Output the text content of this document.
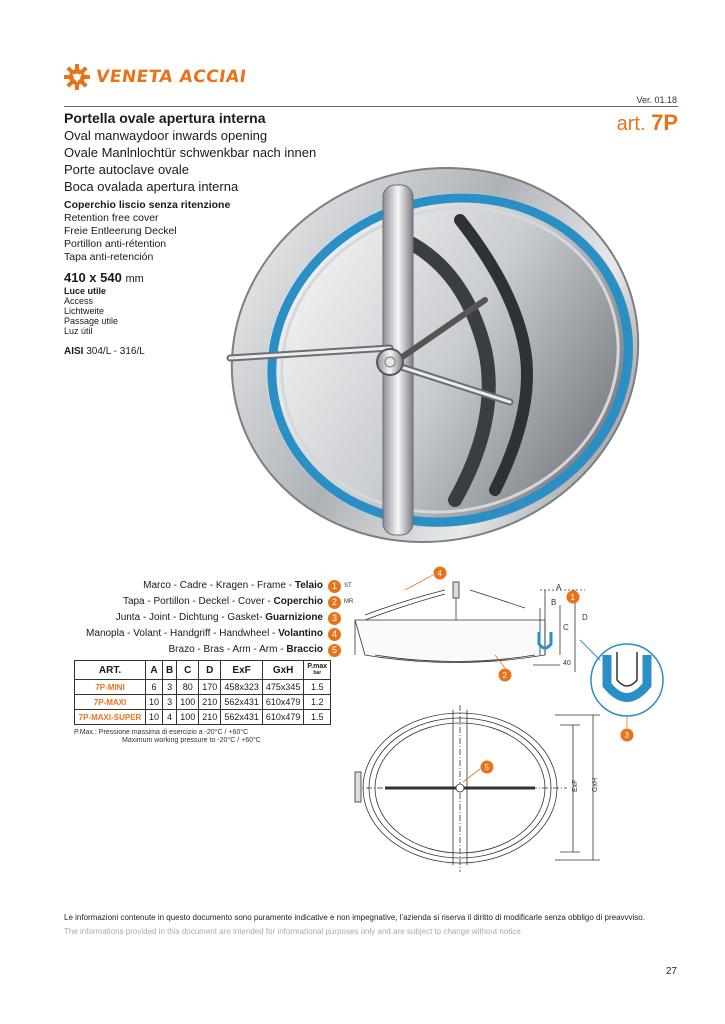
VENETA ACCIAI
Ver. 01.18
art. 7P
Portella ovale apertura interna
Oval manwaydoor inwards opening
Ovale Manlnlochtür schwenkbar nach innen
Porte autoclave ovale
Boca ovalada apertura interna
Coperchio liscio senza ritenzione
Retention free cover
Freie Entleerung Deckel
Portillon anti-rétention
Tapa anti-retención
410 x 540 mm
Luce utile
Access
Lichtweite
Passage utile
Luz útil
AISI 304/L - 316/L
Marco - Cadre - Kragen - Frame - Telaio 1	ST
Tapa - Portillon - Deckel - Cover - Coperchio 2	MR
Junta - Joint - Dichtung - Gasket- Guarnizione 3
Manopla - Volant - Handgriff - Handwheel - Volantino 4
Brazo - Bras - Arm - Arm - Braccio 5
ART.	A	B	C	D	ExF	GxH	P.max
bar

7P-MINI	6	3	80	170	458x323	475x345	1.5
7P-MAXI	10	3	100	210	562x431	610x479	1.2
7P-MAXI-SUPER	10	4	100	210	562x431	610x479	1.5
P.Max.: Pressione massima di esercizio a -20°C / +60°C
Maximum working pressure to -20°C / +60°C
A
B
C
D
40
ExF GxH
4
1
2
3
5
Le informazioni contenute in questo documento sono puramente indicative e non impegnative, l'azienda si riserva il diritto di modificarle senza obbligo di preavvviso.
The informations provided in this document are intended for informational purposes only and are subject to change without notice.
27
